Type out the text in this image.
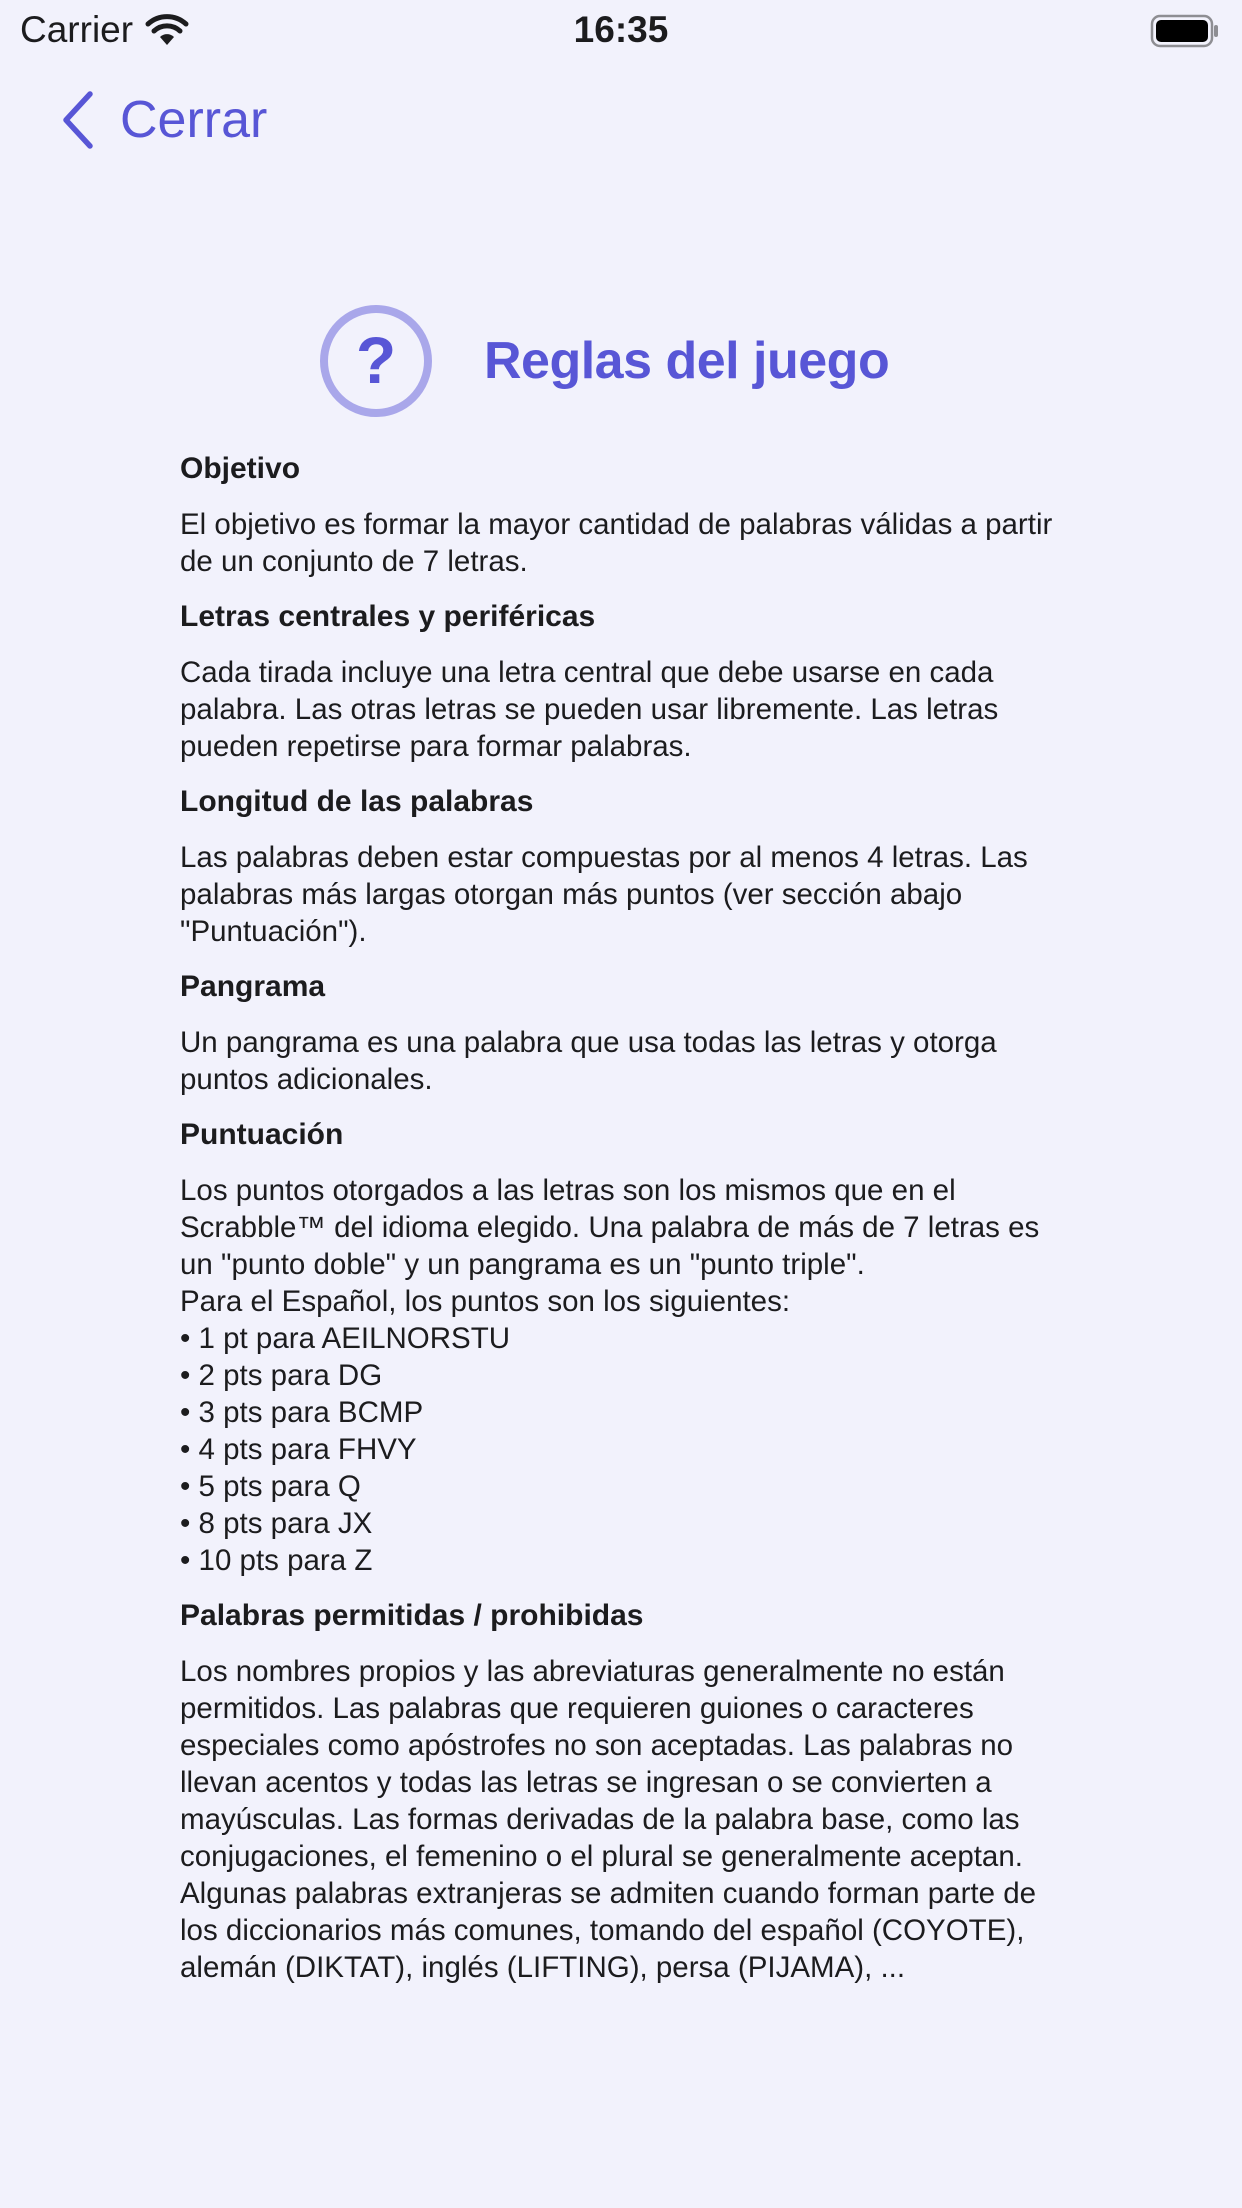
Carrier	16:35
Cerrar
? Reglas del juego
Objetivo
El objetivo es formar la mayor cantidad de palabras válidas a partir de un conjunto de 7 letras.
Letras centrales y periféricas
Cada tirada incluye una letra central que debe usarse en cada palabra. Las otras letras se pueden usar libremente. Las letras pueden repetirse para formar palabras.
Longitud de las palabras
Las palabras deben estar compuestas por al menos 4 letras. Las palabras más largas otorgan más puntos (ver sección abajo "Puntuación").
Pangrama
Un pangrama es una palabra que usa todas las letras y otorga puntos adicionales.
Puntuación
Los puntos otorgados a las letras son los mismos que en el Scrabble™ del idioma elegido. Una palabra de más de 7 letras es un "punto doble" y un pangrama es un "punto triple".
Para el Español, los puntos son los siguientes:
• 1 pt para AEILNORSTU
• 2 pts para DG
• 3 pts para BCMP
• 4 pts para FHVY
• 5 pts para Q
• 8 pts para JX
• 10 pts para Z
Palabras permitidas / prohibidas
Los nombres propios y las abreviaturas generalmente no están permitidos. Las palabras que requieren guiones o caracteres especiales como apóstrofes no son aceptadas. Las palabras no llevan acentos y todas las letras se ingresan o se convierten a mayúsculas. Las formas derivadas de la palabra base, como las conjugaciones, el femenino o el plural se generalmente aceptan.
Algunas palabras extranjeras se admiten cuando forman parte de los diccionarios más comunes, tomando del español (COYOTE), alemán (DIKTAT), inglés (LIFTING), persa (PIJAMA), ...
